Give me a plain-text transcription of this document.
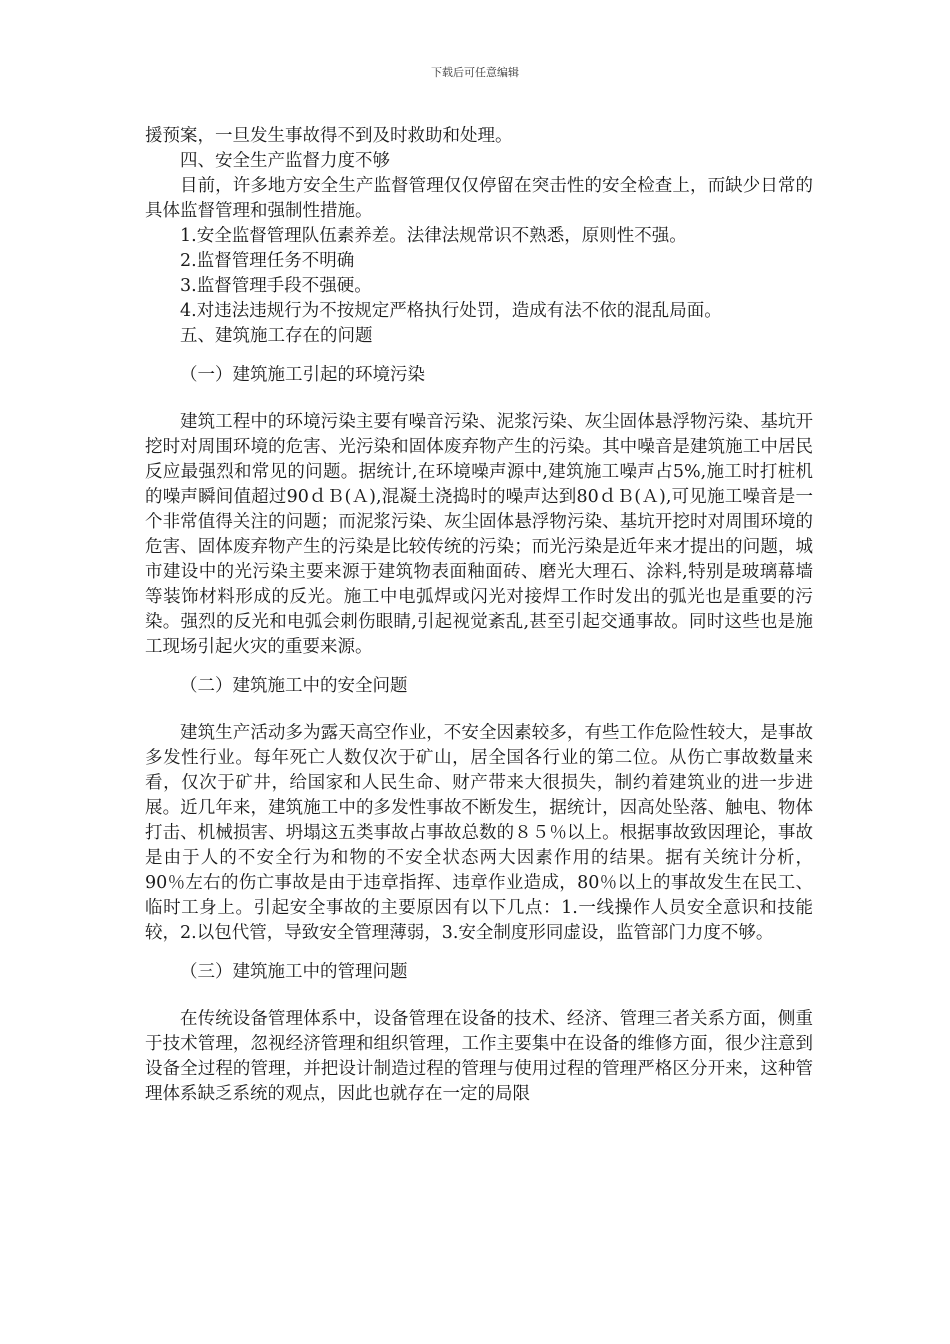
下载后可任意编辑

援预案，一旦发生事故得不到及时救助和处理。

四、安全生产监督力度不够

目前，许多地方安全生产监督管理仅仅停留在突击性的安全检查上，而缺少日常的具体监督管理和强制性措施。

1.安全监督管理队伍素养差。法律法规常识不熟悉，原则性不强。

2.监督管理任务不明确

3.监督管理手段不强硬。

4.对违法违规行为不按规定严格执行处罚，造成有法不依的混乱局面。

五、建筑施工存在的问题

（一）建筑施工引起的环境污染

建筑工程中的环境污染主要有噪音污染、泥浆污染、灰尘固体悬浮物污染、基坑开挖时对周围环境的危害、光污染和固体废弃物产生的污染。其中噪音是建筑施工中居民反应最强烈和常见的问题。据统计,在环境噪声源中,建筑施工噪声占5%,施工时打桩机的噪声瞬间值超过90ｄＢ(Ａ),混凝土浇捣时的噪声达到80ｄＢ(Ａ),可见施工噪音是一个非常值得关注的问题；而泥浆污染、灰尘固体悬浮物污染、基坑开挖时对周围环境的危害、固体废弃物产生的污染是比较传统的污染；而光污染是近年来才提出的问题，城市建设中的光污染主要来源于建筑物表面釉面砖、磨光大理石、涂料,特别是玻璃幕墙等装饰材料形成的反光。施工中电弧焊或闪光对接焊工作时发出的弧光也是重要的污染。强烈的反光和电弧会刺伤眼睛,引起视觉紊乱,甚至引起交通事故。同时这些也是施工现场引起火灾的重要来源。

（二）建筑施工中的安全问题

建筑生产活动多为露天高空作业，不安全因素较多，有些工作危险性较大，是事故多发性行业。每年死亡人数仅次于矿山，居全国各行业的第二位。从伤亡事故数量来看，仅次于矿井，给国家和人民生命、财产带来大很损失，制约着建筑业的进一步进展。近几年来，建筑施工中的多发性事故不断发生，据统计，因高处坠落、触电、物体打击、机械损害、坍塌这五类事故占事故总数的８５％以上。根据事故致因理论，事故是由于人的不安全行为和物的不安全状态两大因素作用的结果。据有关统计分析，90％左右的伤亡事故是由于违章指挥、违章作业造成，80％以上的事故发生在民工、临时工身上。引起安全事故的主要原因有以下几点：1.一线操作人员安全意识和技能较，2.以包代管，导致安全管理薄弱，3.安全制度形同虚设，监管部门力度不够。

（三）建筑施工中的管理问题

在传统设备管理体系中，设备管理在设备的技术、经济、管理三者关系方面，侧重于技术管理，忽视经济管理和组织管理，工作主要集中在设备的维修方面，很少注意到设备全过程的管理，并把设计制造过程的管理与使用过程的管理严格区分开来，这种管理体系缺乏系统的观点，因此也就存在一定的局限
